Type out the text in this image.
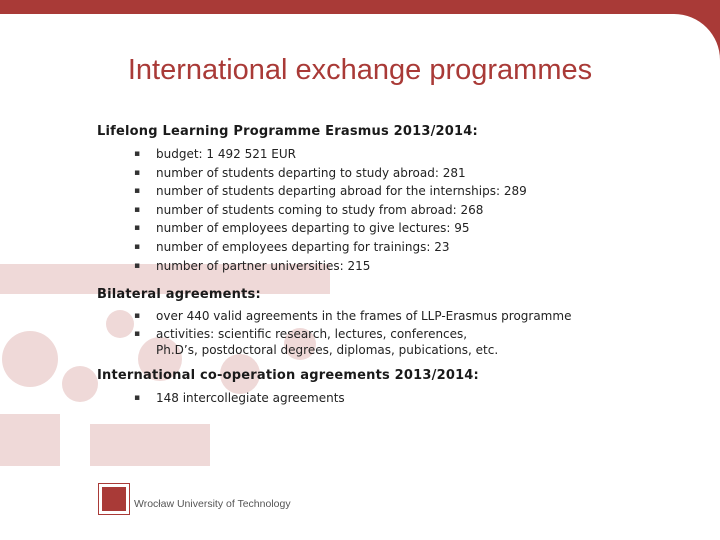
International exchange programmes

Lifelong Learning Programme Erasmus 2013/2014:

▪ budget: 1 492 521 EUR
▪ number of students departing to study abroad: 281
▪ number of students departing abroad for the internships: 289
▪ number of students coming to study from abroad: 268
▪ number of employees departing to give lectures: 95
▪ number of employees departing for trainings: 23
▪ number of partner universities: 215

Bilateral agreements:

▪ over 440 valid agreements in the frames of LLP-Erasmus programme
▪ activities: scientific research, lectures, conferences, Ph.D’s, postdoctoral degrees, diplomas, pubications, etc.

International co-operation agreements 2013/2014:

▪ 148 intercollegiate agreements
Wrocław University of Technology
